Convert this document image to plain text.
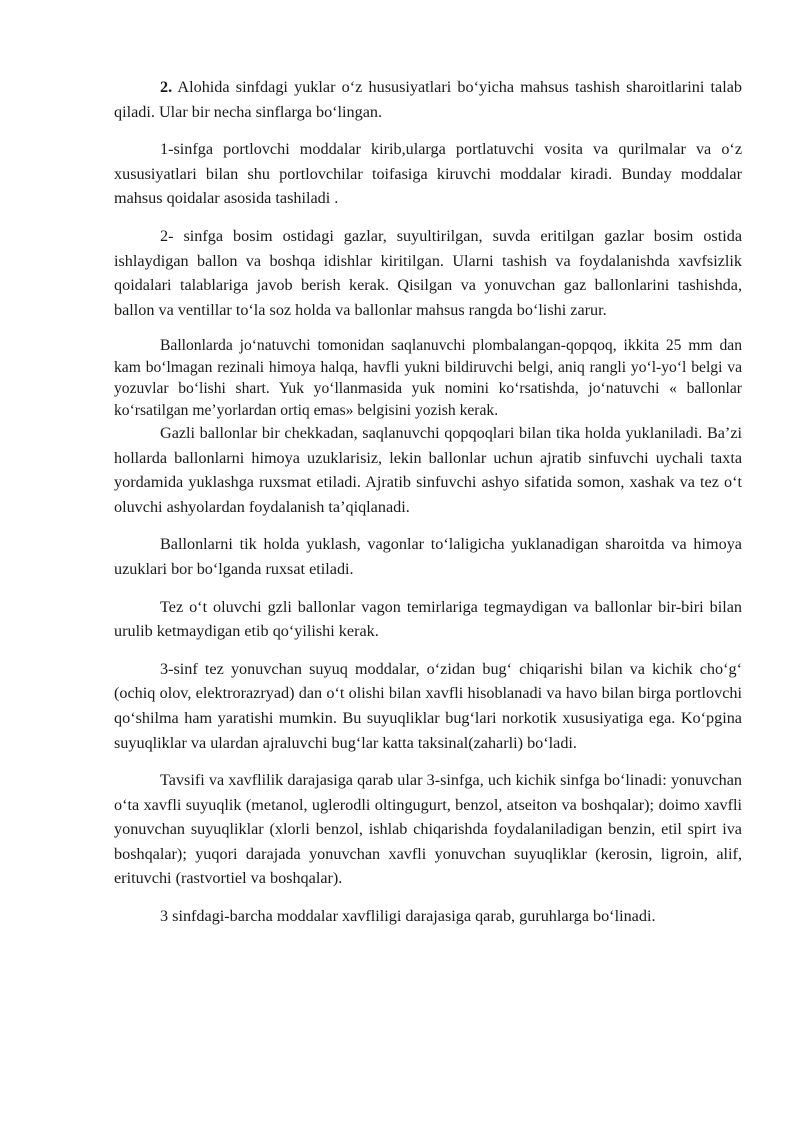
2. Alohida sinfdagi yuklar o‘z hususiyatlari bo‘yicha mahsus tashish sharoitlarini talab qiladi. Ular bir necha sinflarga bo‘lingan.

1-sinfga portlovchi moddalar kirib,ularga portlatuvchi vosita va qurilmalar va o‘z xususiyatlari bilan shu portlovchilar toifasiga kiruvchi moddalar kiradi. Bunday moddalar mahsus qoidalar asosida tashiladi .

2- sinfga bosim ostidagi gazlar, suyultirilgan, suvda eritilgan gazlar bosim ostida ishlaydigan ballon va boshqa idishlar kiritilgan. Ularni tashish va foydalanishda xavfsizlik qoidalari talablariga javob berish kerak. Qisilgan va yonuvchan gaz ballonlarini tashishda, ballon va ventillar to‘la soz holda va ballonlar mahsus rangda bo‘lishi zarur.

Ballonlarda jo‘natuvchi tomonidan saqlanuvchi plombalangan-qopqoq, ikkita 25 mm dan kam bo‘lmagan rezinali himoya halqa, havfli yukni bildiruvchi belgi, aniq rangli yo‘l-yo‘l belgi va yozuvlar bo‘lishi shart. Yuk yo‘llanmasida yuk nomini ko‘rsatishda, jo‘natuvchi « ballonlar ko‘rsatilgan me’yorlardan ortiq emas» belgisini yozish kerak.

Gazli ballonlar bir chekkadan, saqlanuvchi qopqoqlari bilan tika holda yuklaniladi. Ba’zi hollarda ballonlarni himoya uzuklarisiz, lekin ballonlar uchun ajratib sinfuvchi uychali taxta yordamida yuklashga ruxsmat etiladi. Ajratib sinfuvchi ashyo sifatida somon, xashak va tez o‘t oluvchi ashyolardan foydalanish ta’qiqlanadi.

Ballonlarni tik holda yuklash, vagonlar to‘laligicha yuklanadigan sharoitda va himoya uzuklari bor bo‘lganda ruxsat etiladi.

Tez o‘t oluvchi gzli ballonlar vagon temirlariga tegmaydigan va ballonlar bir-biri bilan urulib ketmaydigan etib qo‘yilishi kerak.

3-sinf tez yonuvchan suyuq moddalar, o‘zidan bug‘ chiqarishi bilan va kichik cho‘g‘ (ochiq olov, elektrorazryad) dan o‘t olishi bilan xavfli hisoblanadi va havo bilan birga portlovchi qo‘shilma ham yaratishi mumkin. Bu suyuqliklar bug‘lari norkotik xususiyatiga ega. Ko‘pgina suyuqliklar va ulardan ajraluvchi bug‘lar katta taksinal(zaharli) bo‘ladi.

Tavsifi va xavflilik darajasiga qarab ular 3-sinfga, uch kichik sinfga bo‘linadi: yonuvchan o‘ta xavfli suyuqlik (metanol, uglerodli oltingugurt, benzol, atseiton va boshqalar); doimo xavfli yonuvchan suyuqliklar (xlorli benzol, ishlab chiqarishda foydalaniladigan benzin, etil spirt iva boshqalar); yuqori darajada yonuvchan xavfli yonuvchan suyuqliklar (kerosin, ligroin, alif, erituvchi (rastvortiel va boshqalar).

3 sinfdagi-barcha moddalar xavfliligi darajasiga qarab, guruhlarga bo‘linadi.
